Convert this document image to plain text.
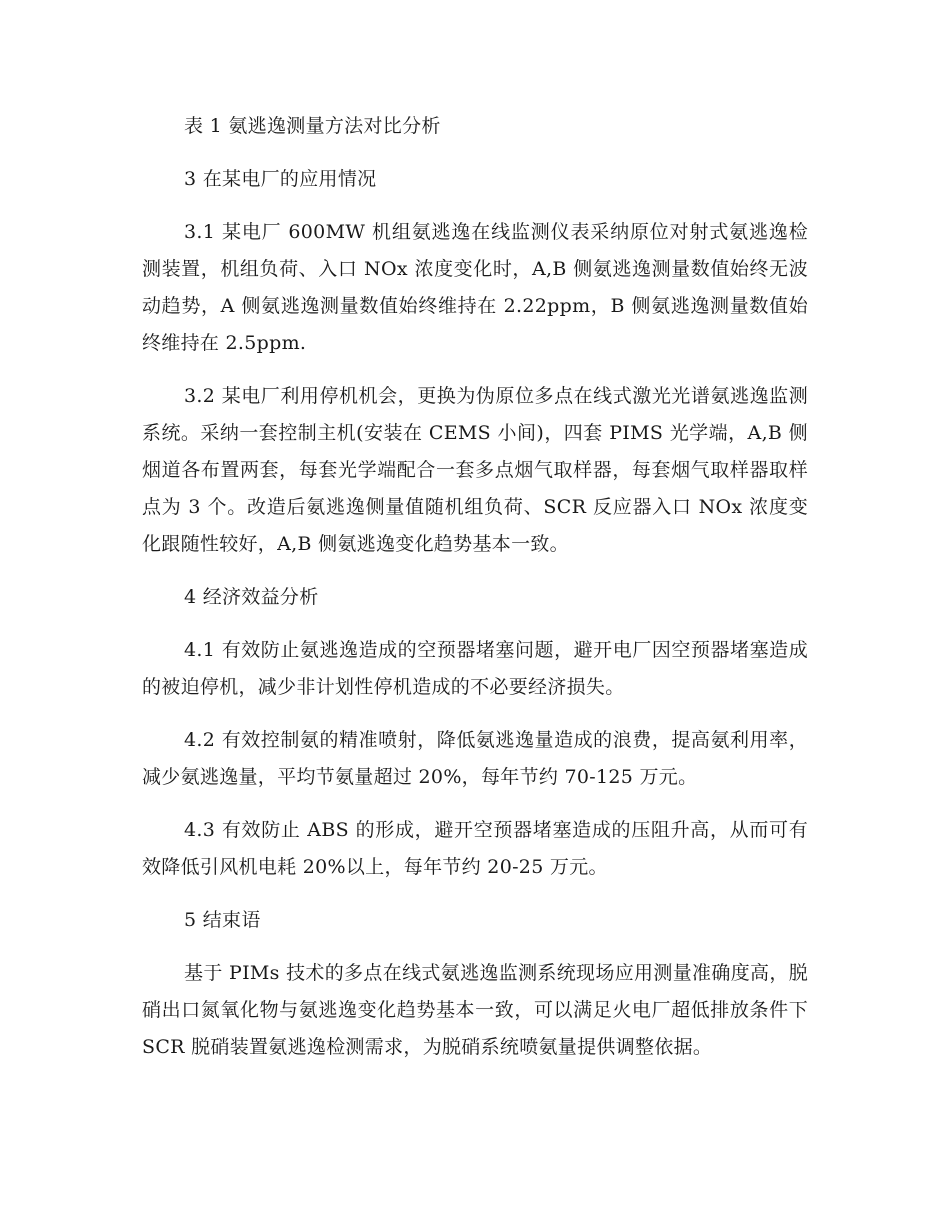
表 1 氨逃逸测量方法对比分析

3 在某电厂的应用情况

3.1 某电厂 600MW 机组氨逃逸在线监测仪表采纳原位对射式氨逃逸检测装置，机组负荷、入口 NOx 浓度变化时，A,B 侧氨逃逸测量数值始终无波动趋势，A 侧氨逃逸测量数值始终维持在 2.22ppm，B 侧氨逃逸测量数值始终维持在 2.5ppm.

3.2 某电厂利用停机机会，更换为伪原位多点在线式激光光谱氨逃逸监测系统。采纳一套控制主机(安装在 CEMS 小间)，四套 PIMS 光学端，A,B 侧烟道各布置两套，每套光学端配合一套多点烟气取样器，每套烟气取样器取样点为 3 个。改造后氨逃逸侧量值随机组负荷、SCR 反应器入口 NOx 浓度变化跟随性较好，A,B 侧氨逃逸变化趋势基本一致。

4 经济效益分析

4.1 有效防止氨逃逸造成的空预器堵塞问题，避开电厂因空预器堵塞造成的被迫停机，减少非计划性停机造成的不必要经济损失。

4.2 有效控制氨的精准喷射，降低氨逃逸量造成的浪费，提高氨利用率，减少氨逃逸量，平均节氨量超过 20%，每年节约 70-125 万元。

4.3 有效防止 ABS 的形成，避开空预器堵塞造成的压阻升高，从而可有效降低引风机电耗 20%以上，每年节约 20-25 万元。

5 结束语

基于 PIMs 技术的多点在线式氨逃逸监测系统现场应用测量准确度高，脱硝出口氮氧化物与氨逃逸变化趋势基本一致，可以满足火电厂超低排放条件下 SCR 脱硝装置氨逃逸检测需求，为脱硝系统喷氨量提供调整依据。
